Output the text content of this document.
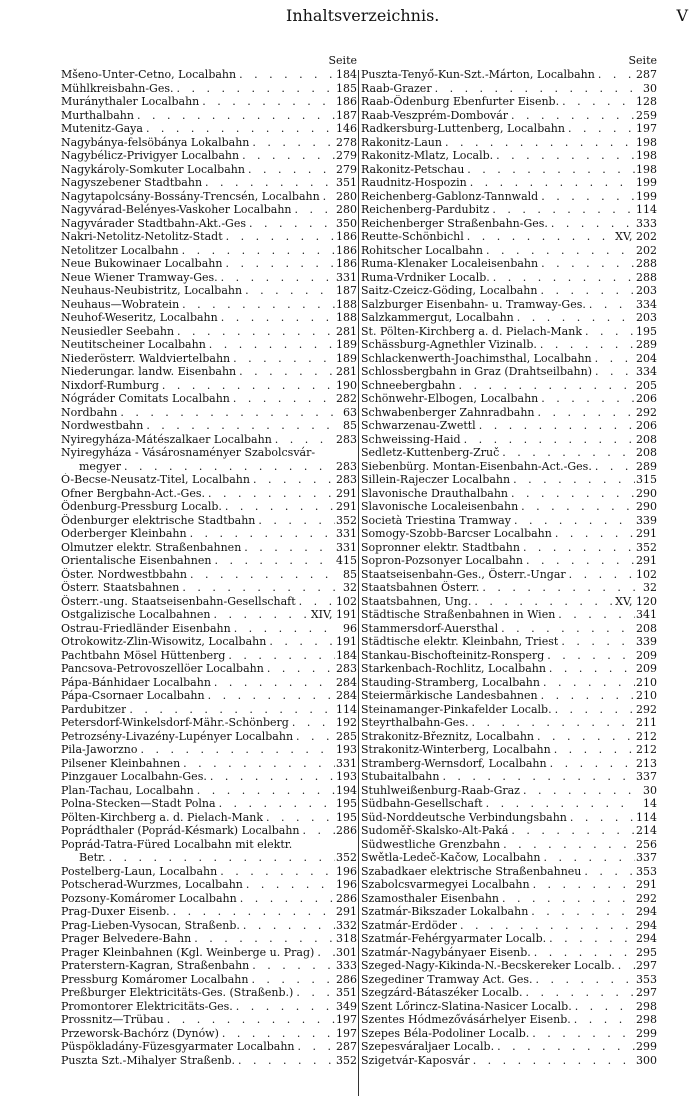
Inhaltsverzeichnis.	V
Seite
Mšeno-Unter-Cetno, Localbahn . . .	184
Mühlkreisbahn-Ges. . . .	185
Muránythaler Localbahn . . .	186
Murthalbahn . . .	187
Mutenitz-Gaya . . .	146
Nagybánya-felsöbánya Lokalbahn . . .	278
Nagybélicz-Privigyer Localbahn . . .	279
Nagykároly-Somkuter Localbahn . . .	279
Nagyszebener Stadtbahn . . .	351
Nagytapolcsány-Bossány-Trencsén, Localbahn . . . 280
Nagyvárad-Belényes-Vaskoher Localbahn . . .	280
Nagyvárader Stadtbahn-Akt.-Ges . . .	350
Nakri-Netolitz-Netolitz-Stadt . . .	186
Netolitzer Localbahn . . .	186
Neue Bukowinaer Localbahn . . .	186
Neue Wiener Tramway-Ges. . . .	331
Neuhaus-Neubistritz, Localbahn . . .	187
Neuhaus—Wobratein . . .	188
Neuhof-Weseritz, Localbahn . . .	188
Neusiedler Seebahn . . .	281
Neutitscheiner Localbahn . . .	189
Niederösterr. Waldviertelbahn . . .	189
Niederungar. landw. Eisenbahn . . .	281
Nixdorf-Rumburg . . .	190
Nógráder Comitats Localbahn . . .	282
Nordbahn . . .	63
Nordwestbahn . . .	85
Nyiregyháza-Mátészalkaer Localbahn . . .	283
Nyiregyháza - Vásárosnaményer Szabolcsvár-
megyer . . .	283
Ó-Becse-Neusatz-Titel, Localbahn . . .	283
Ofner Bergbahn-Act.-Ges. . . .	291
Ödenburg-Pressburg Localb. . . .	291
Ödenburger elektrische Stadtbahn . . .	352
Oderberger Kleinbahn . . .	331
Olmutzer elektr. Straßenbahnen . . .	331
Orientalische Eisenbahnen . . .	415
Öster. Nordwestbbahn . . .	85
Österr. Staatsbahnen . . .	32
Österr.-ung. Staatseisenbahn-Gesellschaft . . .	102
Ostgalizische Localbahnen . . .	XIV, 191
Ostrau-Friedländer Eisenbahn . . .	96
Otrokowitz-Zlin-Wisowitz, Localbahn . . .	191
Pachtbahn Mösel Hüttenberg . . .	184
Pancsova-Petrovoszellöer Localbahn . . .	283
Pápa-Bánhidaer Localbahn . . .	284
Pápa-Csornaer Localbahn . . .	284
Pardubitzer . . .	114
Petersdorf-Winkelsdorf-Mähr.-Schönberg . . .	192
Petrozsény-Livazény-Lupényer Localbahn . . .	285
Pila-Jaworzno . . .	193
Pilsener Kleinbahnen . . .	331
Pinzgauer Localbahn-Ges. . . .	193
Plan-Tachau, Localbahn . . .	194
Polna-Stecken—Stadt Polna . . .	195
Pölten-Kirchberg a. d. Pielach-Mank . . .	195
Poprádthaler (Poprád-Késmark) Localbahn . . .	286
Poprád-Tatra-Füred Localbahn mit elektr.
Betr. . . .	352
Postelberg-Laun, Localbahn . . .	196
Potscherad-Wurzmes, Localbahn . . .	196
Pozsony-Komáromer Localbahn . . .	286
Prag-Duxer Eisenb. . . .	291
Prag-Lieben-Vysocan, Straßenb. . . .	332
Prager Belvedere-Bahn . . .	318
Prager Kleinbahnen (Kgl. Weinberge u. Prag) . . . 301
Praterstern-Kagran, Straßenbahn . . .	333
Pressburg Komáromer Localbahn . . .	286
Preßburger Elektricitäts-Ges. (Straßenb.) . . .	351
Promontorer Elektricitäts-Ges. . . .	349
Prossnitz—Trübau . . .	197
Przeworsk-Bachórz (Dynów) . . .	197
Püspökladány-Füzesgyarmater Localbahn . . .	287
Puszta Szt.-Mihalyer Straßenb. . . .	352
Seite
Puszta-Tenyő-Kun-Szt.-Márton, Localbahn . . .	287
Raab-Grazer . . .	30
Raab-Ödenburg Ebenfurter Eisenb. . . .	128
Raab-Veszprém-Dombovár . . .	259
Radkersburg-Luttenberg, Localbahn . . .	197
Rakonitz-Laun . . .	198
Rakonitz-Mlatz, Localb. . . .	198
Rakonitz-Petschau . . .	198
Raudnitz-Hospozin . . .	199
Reichenberg-Gablonz-Tannwald . . .	199
Reichenberg-Pardubitz . . .	114
Reichenberger Straßenbahn-Ges. . . .	333
Reutte-Schönbichl . . .	XV, 202
Rohitscher Localbahn . . .	202
Ruma-Klenaker Localeisenbahn . . .	288
Ruma-Vrdniker Localb. . . .	288
Saitz-Czeicz-Göding, Localbahn . . .	203
Salzburger Eisenbahn- u. Tramway-Ges. . . .	334
Salzkammergut, Localbahn . . .	203
St. Pölten-Kirchberg a. d. Pielach-Mank . . .	195
Schässburg-Agnethler Vizinalb. . . .	289
Schlackenwerth-Joachimsthal, Localbahn . . .	204
Schlossbergbahn in Graz (Drahtseilbahn) . . .	334
Schneebergbahn . . .	205
Schönwehr-Elbogen, Localbahn . . .	206
Schwabenberger Zahnradbahn . . .	292
Schwarzenau-Zwettl . . .	206
Schweissing-Haid . . .	208
Sedletz-Kuttenberg-Zruč . . .	208
Siebenbürg. Montan-Eisenbahn-Act.-Ges. . . .	289
Sillein-Rajeczer Localbahn . . .	315
Slavonische Drauthalbahn . . .	290
Slavonische Localeisenbahn . . .	290
Società Triestina Tramway . . .	339
Somogy-Szobb-Barcser Localbahn . . .	291
Sopronner elektr. Stadtbahn . . .	352
Sopron-Pozsonyer Localbahn . . .	291
Staatseisenbahn-Ges., Österr.-Ungar . . .	102
Staatsbahnen Österr. . . .	32
Staatsbahnen, Ung. . . .	XV, 120
Städtische Straßenbahnen in Wien . . .	341
Stammersdorf-Auersthal . . .	208
Städtische elektr. Kleinbahn, Triest . . .	339
Stankau-Bischofteinitz-Ronsperg . . .	209
Starkenbach-Rochlitz, Localbahn . . .	209
Stauding-Stramberg, Localbahn . . .	210
Steiermärkische Landesbahnen . . .	210
Steinamanger-Pinkafelder Localb. . . .	292
Steyrthalbahn-Ges. . . .	211
Strakonitz-Březnitz, Localbahn . . .	212
Strakonitz-Winterberg, Localbahn . . .	212
Stramberg-Wernsdorf, Localbahn . . .	213
Stubaitalbahn . . .	337
Stuhlweißenburg-Raab-Graz . . .	30
Südbahn-Gesellschaft . . .	14
Süd-Norddeutsche Verbindungsbahn . . .	114
Sudoměř-Skalsko-Alt-Paká . . .	214
Südwestliche Grenzbahn . . .	256
Swětla-Ledeč-Kačow, Localbahn . . .	337
Szabadkaer elektrische Straßenbahneu . . .	353
Szabolcsvarmegyei Localbahn . . .	291
Szamosthaler Eisenbahn . . .	292
Szatmár-Bikszader Lokalbahn . . .	294
Szatmár-Erdöder . . .	294
Szatmár-Fehérgyarmater Localb. . . .	294
Szatmár-Nagybányaer Eisenb. . . .	295
Szeged-Nagy-Kikinda-N.-Becskereker Localb. . . . 297
Szegediner Tramway Act. Ges. . . .	353
Szegzárd-Bátaszéker Localb. . . .	297
Szent Lőrincz-Slatina-Nasicer Localb. . . .	298
Szentes Hódmezővásárhelyer Eisenb. . . .	298
Szepes Béla-Podoliner Localb. . . .	299
Szepesváraljaer Localb. . . .	299
Szigetvár-Kaposvár . . .	300
